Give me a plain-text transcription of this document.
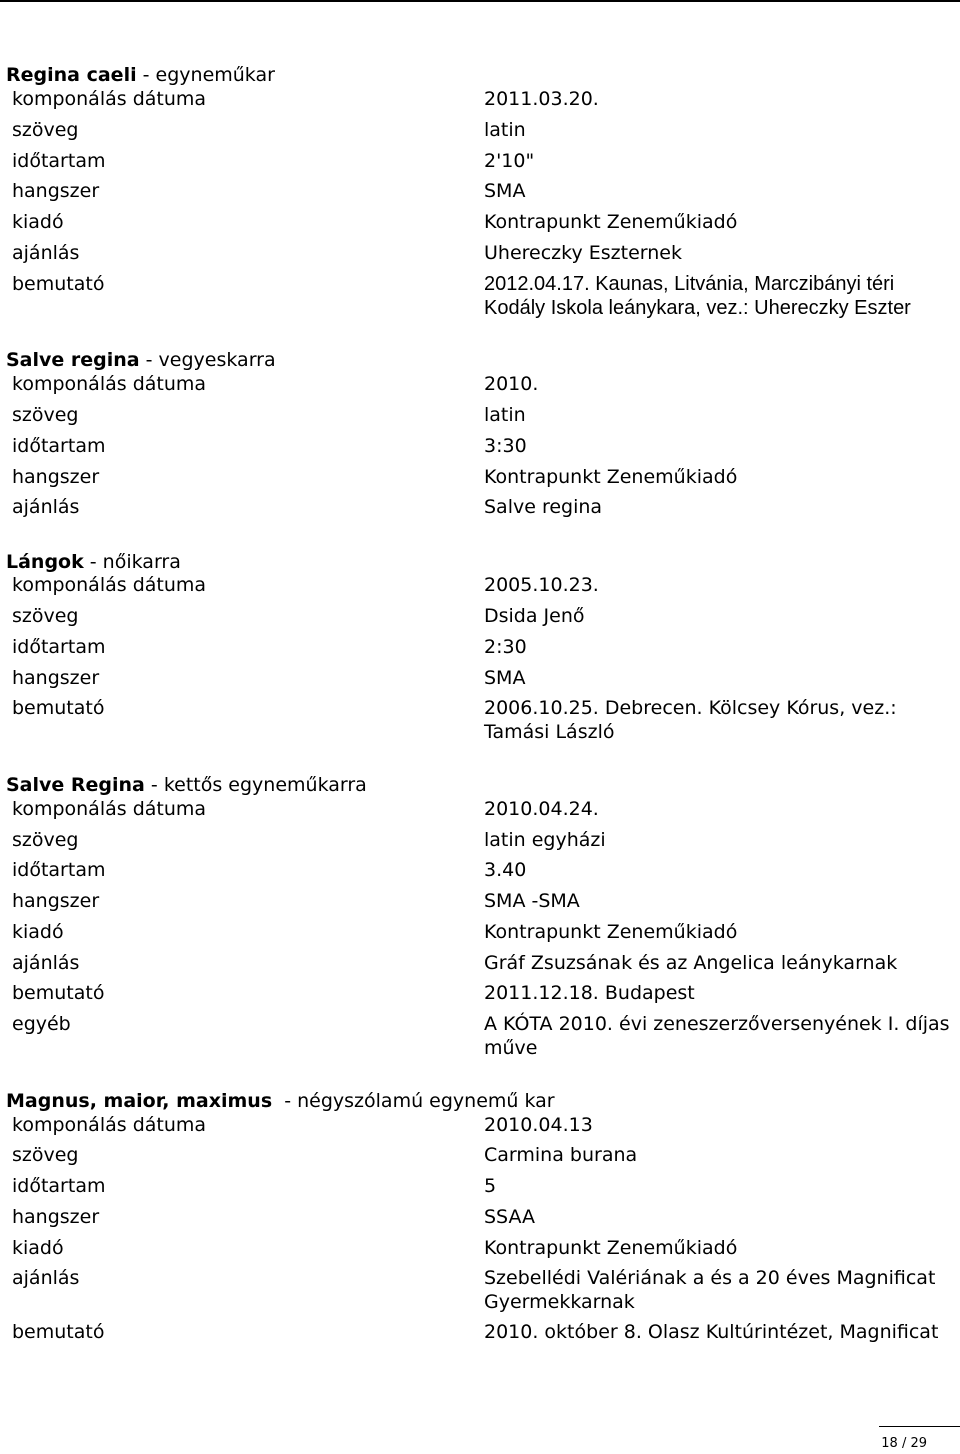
Regina caeli - egyneműkar
komponálás dátuma	2011.03.20.
szöveg	latin
időtartam	2'10"
hangszer	SMA
kiadó	Kontrapunkt Zeneműkiadó
ajánlás	Uhereczky Eszternek
bemutató	2012.04.17. Kaunas, Litvánia, Marczibányi téri Kodály Iskola leánykara, vez.: Uhereczky Eszter
Salve regina - vegyeskarra
komponálás dátuma	2010.
szöveg	latin
időtartam	3:30
hangszer	Kontrapunkt Zeneműkiadó
ajánlás	Salve regina
Lángok - nőikarra
komponálás dátuma	2005.10.23.
szöveg	Dsida Jenő
időtartam	2:30
hangszer	SMA
bemutató	2006.10.25. Debrecen. Kölcsey Kórus, vez.: Tamási László
Salve Regina - kettős egyneműkarra
komponálás dátuma	2010.04.24.
szöveg	latin egyházi
időtartam	3.40
hangszer	SMA -SMA
kiadó	Kontrapunkt Zeneműkiadó
ajánlás	Gráf Zsuzsának és az Angelica leánykarnak
bemutató	2011.12.18. Budapest
egyéb	A KÓTA 2010. évi zeneszerzőversenyének I. díjas műve
Magnus, maior, maximus  - négyszólamú egynemű kar
komponálás dátuma	2010.04.13
szöveg	Carmina burana
időtartam	5
hangszer	SSAA
kiadó	Kontrapunkt Zeneműkiadó
ajánlás	Szebellédi Valériának a és a 20 éves Magnificat Gyermekkarnak
bemutató	2010. október 8. Olasz Kultúrintézet, Magnificat
18 / 29
